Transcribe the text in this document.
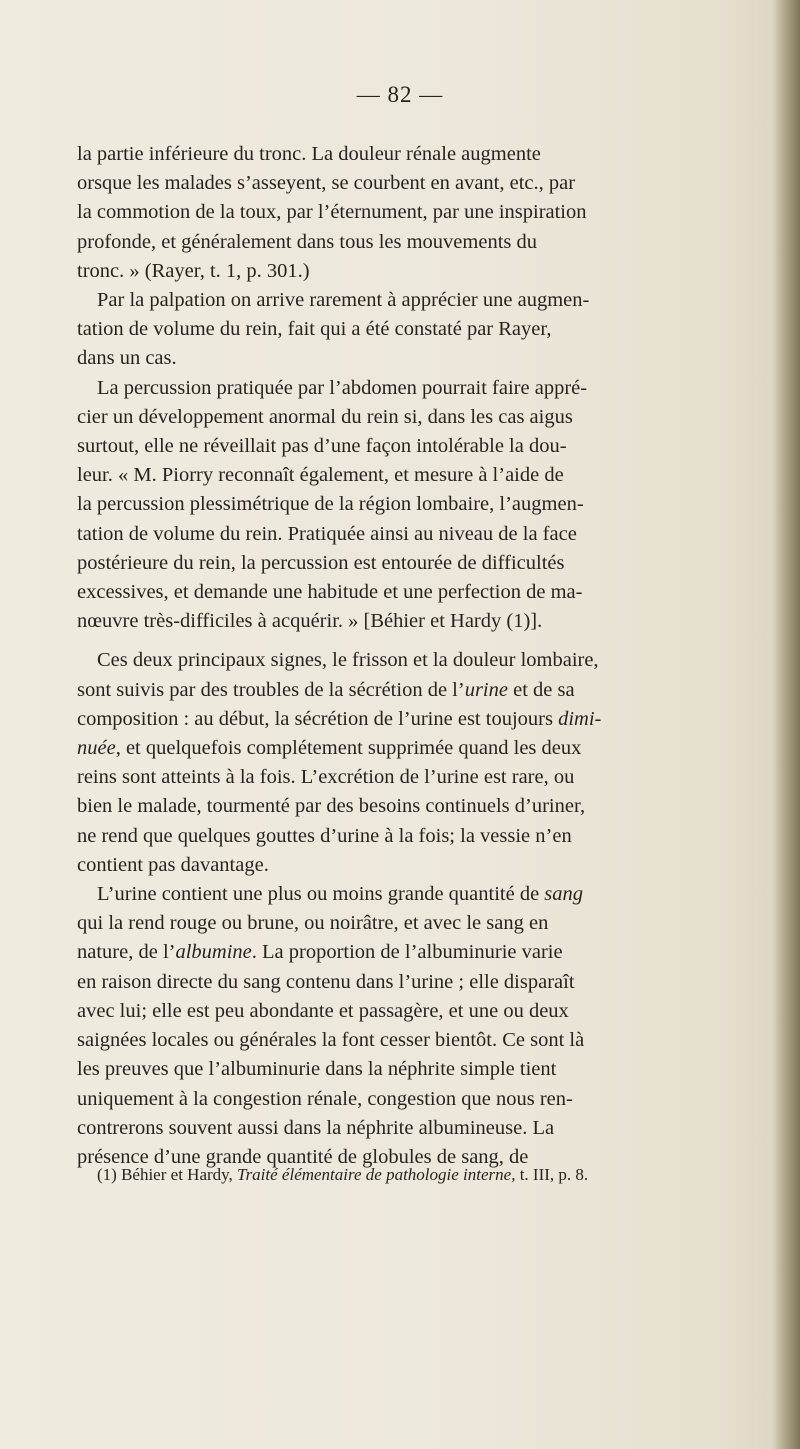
— 82 —

la partie inférieure du tronc. La douleur rénale augmente
orsque les malades s’asseyent, se courbent en avant, etc., par
la commotion de la toux, par l’éternument, par une inspiration
profonde, et généralement dans tous les mouvements du
tronc. » (Rayer, t. 1, p. 301.)

Par la palpation on arrive rarement à apprécier une augmen-
tation de volume du rein, fait qui a été constaté par Rayer,
dans un cas.

La percussion pratiquée par l’abdomen pourrait faire appré-
cier un développement anormal du rein si, dans les cas aigus
surtout, elle ne réveillait pas d’une façon intolérable la dou-
leur. « M. Piorry reconnaît également, et mesure à l’aide de
la percussion plessimétrique de la région lombaire, l’augmen-
tation de volume du rein. Pratiquée ainsi au niveau de la face
postérieure du rein, la percussion est entourée de difficultés
excessives, et demande une habitude et une perfection de ma-
nœuvre très-difficiles à acquérir. » [Béhier et Hardy (1)].

Ces deux principaux signes, le frisson et la douleur lombaire,
sont suivis par des troubles de la sécrétion de l’urine et de sa
composition : au début, la sécrétion de l’urine est toujours dimi-
nuée, et quelquefois complétement supprimée quand les deux
reins sont atteints à la fois. L’excrétion de l’urine est rare, ou
bien le malade, tourmenté par des besoins continuels d’uriner,
ne rend que quelques gouttes d’urine à la fois; la vessie n’en
contient pas davantage.

L’urine contient une plus ou moins grande quantité de sang
qui la rend rouge ou brune, ou noirâtre, et avec le sang en
nature, de l’albumine. La proportion de l’albuminurie varie
en raison directe du sang contenu dans l’urine ; elle disparaît
avec lui; elle est peu abondante et passagère, et une ou deux
saignées locales ou générales la font cesser bientôt. Ce sont là
les preuves que l’albuminurie dans la néphrite simple tient
uniquement à la congestion rénale, congestion que nous ren-
contrerons souvent aussi dans la néphrite albumineuse. La
présence d’une grande quantité de globules de sang, de

(1) Béhier et Hardy, Traité élémentaire de pathologie interne, t. III, p. 8.
